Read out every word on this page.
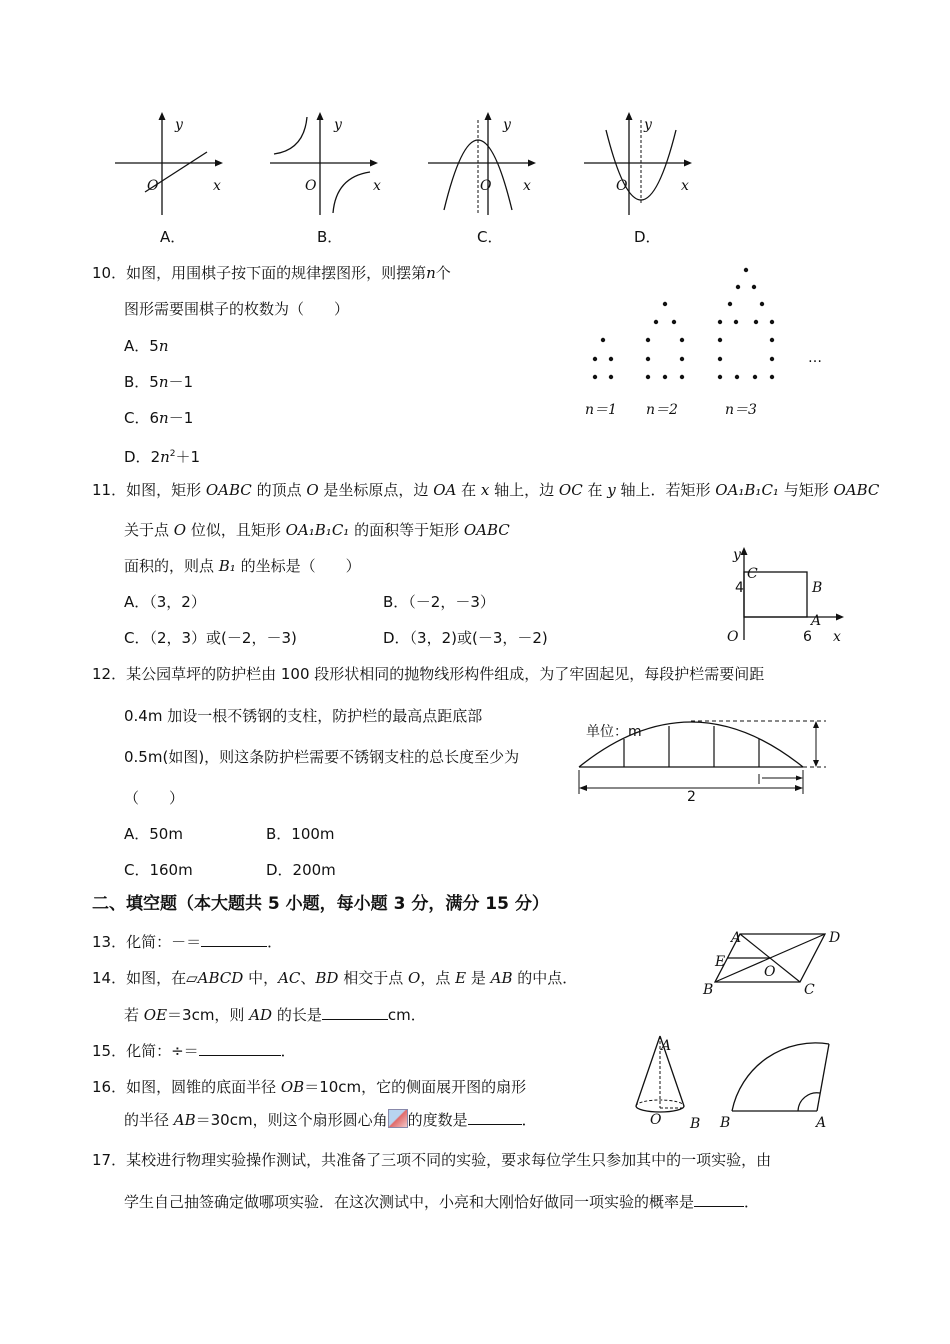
y
O	x
y
O	x
y
O x
y
O	x
A．	B．	C．	D．
10．如图，用围棋子按下面的规律摆图形，则摆第n个
图形需要围棋子的枚数为（　　）
A．5n
B．5n－1
C．6n－1
D．$2n^2+1$
…
n＝1 n＝2	n＝3
11．如图，矩形 OABC 的顶点 O 是坐标原点，边 OA 在 x 轴上，边 OC 在 y 轴上．若矩形 OA₁B₁C₁ 与矩形 OABC
关于点 O 位似，且矩形 OA₁B₁C₁ 的面积等于矩形 OABC
面积的，则点 B₁ 的坐标是（　　）
A．（3，2）	B．（－2，－3）
C．（2，3）或(－2，－3)	D．（3，2)或(－3，－2)
y
C
4	B
A
O	6 x
12．某公园草坪的防护栏由 100 段形状相同的抛物线形构件组成，为了牢固起见，每段护栏需要间距
0.4m 加设一根不锈钢的支柱，防护栏的最高点距底部
0.5m(如图)，则这条防护栏需要不锈钢支柱的总长度至少为
（　　）
A．50m	B．100m
C．160m	D．200m
单位：m
2
二、填空题（本大题共 5 小题，每小题 3 分，满分 15 分）
13．化简：－＝	．
14．如图，在▱ABCD 中，AC、BD 相交于点 O，点 E 是 AB 的中点．
若 OE＝3cm，则 AD 的长是	cm．
A	D
E
O
B	C
15．化简：÷＝	．
16．如图，圆锥的底面半径 OB＝10cm，它的侧面展开图的扇形
的半径 AB＝30cm，则这个扇形圆心角 的度数是	．
A
O B B	A
17．某校进行物理实验操作测试，共准备了三项不同的实验，要求每位学生只参加其中的一项实验，由
学生自己抽签确定做哪项实验．在这次测试中，小亮和大刚恰好做同一项实验的概率是	．
